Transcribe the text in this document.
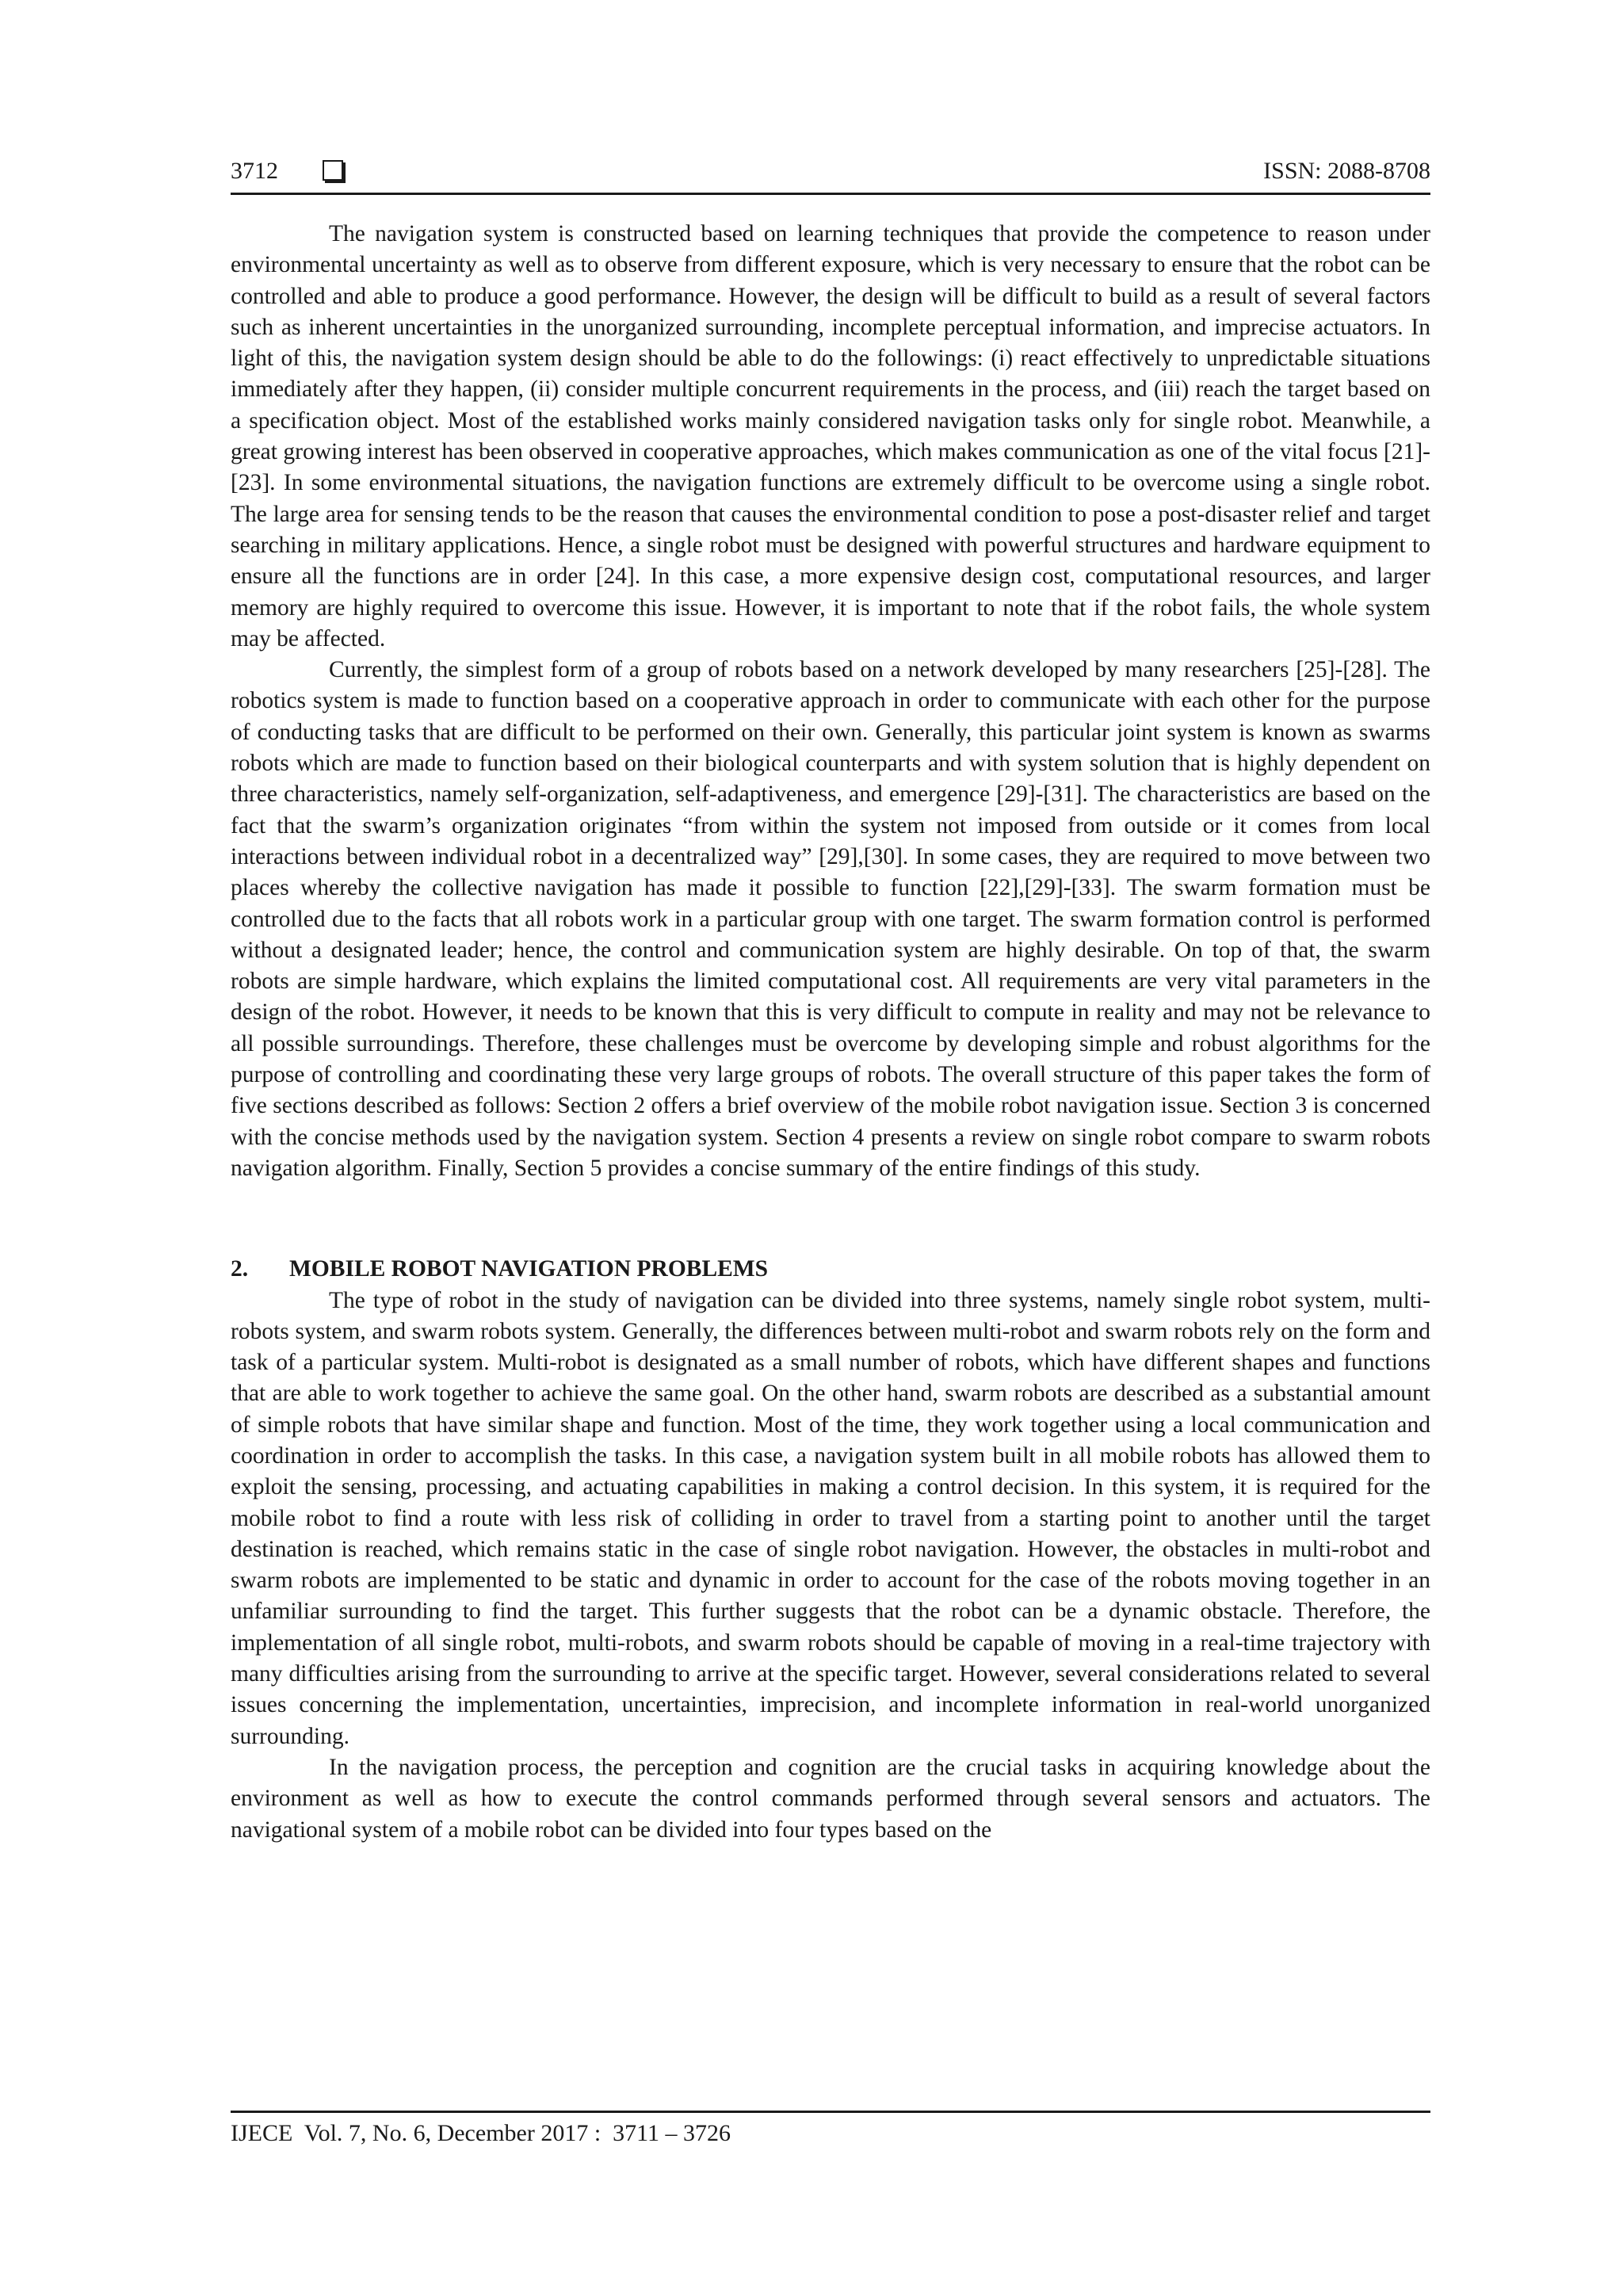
3712	ISSN: 2088-8708

The navigation system is constructed based on learning techniques that provide the competence to reason under environmental uncertainty as well as to observe from different exposure, which is very necessary to ensure that the robot can be controlled and able to produce a good performance. However, the design will be difficult to build as a result of several factors such as inherent uncertainties in the unorganized surrounding, incomplete perceptual information, and imprecise actuators. In light of this, the navigation system design should be able to do the followings: (i) react effectively to unpredictable situations immediately after they happen, (ii) consider multiple concurrent requirements in the process, and (iii) reach the target based on a specification object. Most of the established works mainly considered navigation tasks only for single robot. Meanwhile, a great growing interest has been observed in cooperative approaches, which makes communication as one of the vital focus [21]-[23]. In some environmental situations, the navigation functions are extremely difficult to be overcome using a single robot. The large area for sensing tends to be the reason that causes the environmental condition to pose a post-disaster relief and target searching in military applications. Hence, a single robot must be designed with powerful structures and hardware equipment to ensure all the functions are in order [24]. In this case, a more expensive design cost, computational resources, and larger memory are highly required to overcome this issue. However, it is important to note that if the robot fails, the whole system may be affected.

Currently, the simplest form of a group of robots based on a network developed by many researchers [25]-[28]. The robotics system is made to function based on a cooperative approach in order to communicate with each other for the purpose of conducting tasks that are difficult to be performed on their own. Generally, this particular joint system is known as swarms robots which are made to function based on their biological counterparts and with system solution that is highly dependent on three characteristics, namely self-organization, self-adaptiveness, and emergence [29]-[31]. The characteristics are based on the fact that the swarm’s organization originates “from within the system not imposed from outside or it comes from local interactions between individual robot in a decentralized way” [29],[30]. In some cases, they are required to move between two places whereby the collective navigation has made it possible to function [22],[29]-[33]. The swarm formation must be controlled due to the facts that all robots work in a particular group with one target. The swarm formation control is performed without a designated leader; hence, the control and communication system are highly desirable. On top of that, the swarm robots are simple hardware, which explains the limited computational cost. All requirements are very vital parameters in the design of the robot. However, it needs to be known that this is very difficult to compute in reality and may not be relevance to all possible surroundings. Therefore, these challenges must be overcome by developing simple and robust algorithms for the purpose of controlling and coordinating these very large groups of robots. The overall structure of this paper takes the form of five sections described as follows: Section 2 offers a brief overview of the mobile robot navigation issue. Section 3 is concerned with the concise methods used by the navigation system. Section 4 presents a review on single robot compare to swarm robots navigation algorithm. Finally, Section 5 provides a concise summary of the entire findings of this study.

2. MOBILE ROBOT NAVIGATION PROBLEMS

The type of robot in the study of navigation can be divided into three systems, namely single robot system, multi-robots system, and swarm robots system. Generally, the differences between multi-robot and swarm robots rely on the form and task of a particular system. Multi-robot is designated as a small number of robots, which have different shapes and functions that are able to work together to achieve the same goal. On the other hand, swarm robots are described as a substantial amount of simple robots that have similar shape and function. Most of the time, they work together using a local communication and coordination in order to accomplish the tasks. In this case, a navigation system built in all mobile robots has allowed them to exploit the sensing, processing, and actuating capabilities in making a control decision. In this system, it is required for the mobile robot to find a route with less risk of colliding in order to travel from a starting point to another until the target destination is reached, which remains static in the case of single robot navigation. However, the obstacles in multi-robot and swarm robots are implemented to be static and dynamic in order to account for the case of the robots moving together in an unfamiliar surrounding to find the target. This further suggests that the robot can be a dynamic obstacle. Therefore, the implementation of all single robot, multi-robots, and swarm robots should be capable of moving in a real-time trajectory with many difficulties arising from the surrounding to arrive at the specific target. However, several considerations related to several issues concerning the implementation, uncertainties, imprecision, and incomplete information in real-world unorganized surrounding.

In the navigation process, the perception and cognition are the crucial tasks in acquiring knowledge about the environment as well as how to execute the control commands performed through several sensors and actuators. The navigational system of a mobile robot can be divided into four types based on the

IJECE  Vol. 7, No. 6, December 2017 :  3711 – 3726
